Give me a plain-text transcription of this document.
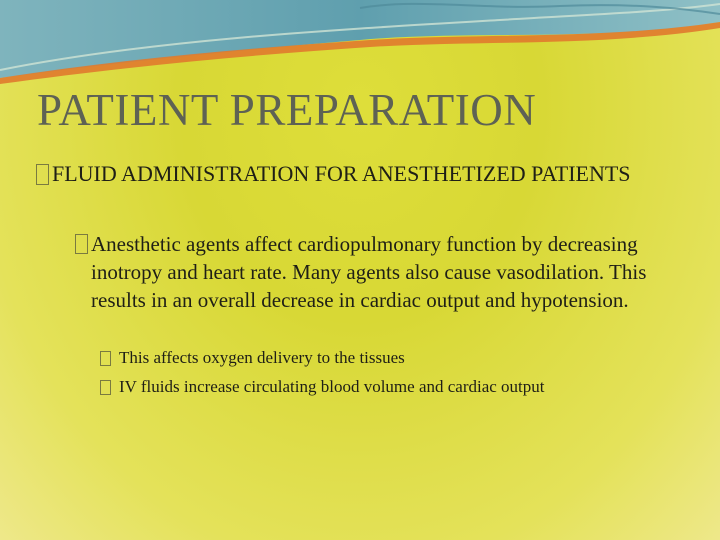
PATIENT PREPARATION
FLUID ADMINISTRATION FOR ANESTHETIZED PATIENTS
Anesthetic agents affect cardiopulmonary function by decreasing inotropy and heart rate. Many agents also cause vasodilation. This results in an overall decrease in cardiac output and hypotension.
This affects oxygen delivery to the tissues
IV fluids increase circulating blood volume and cardiac output
